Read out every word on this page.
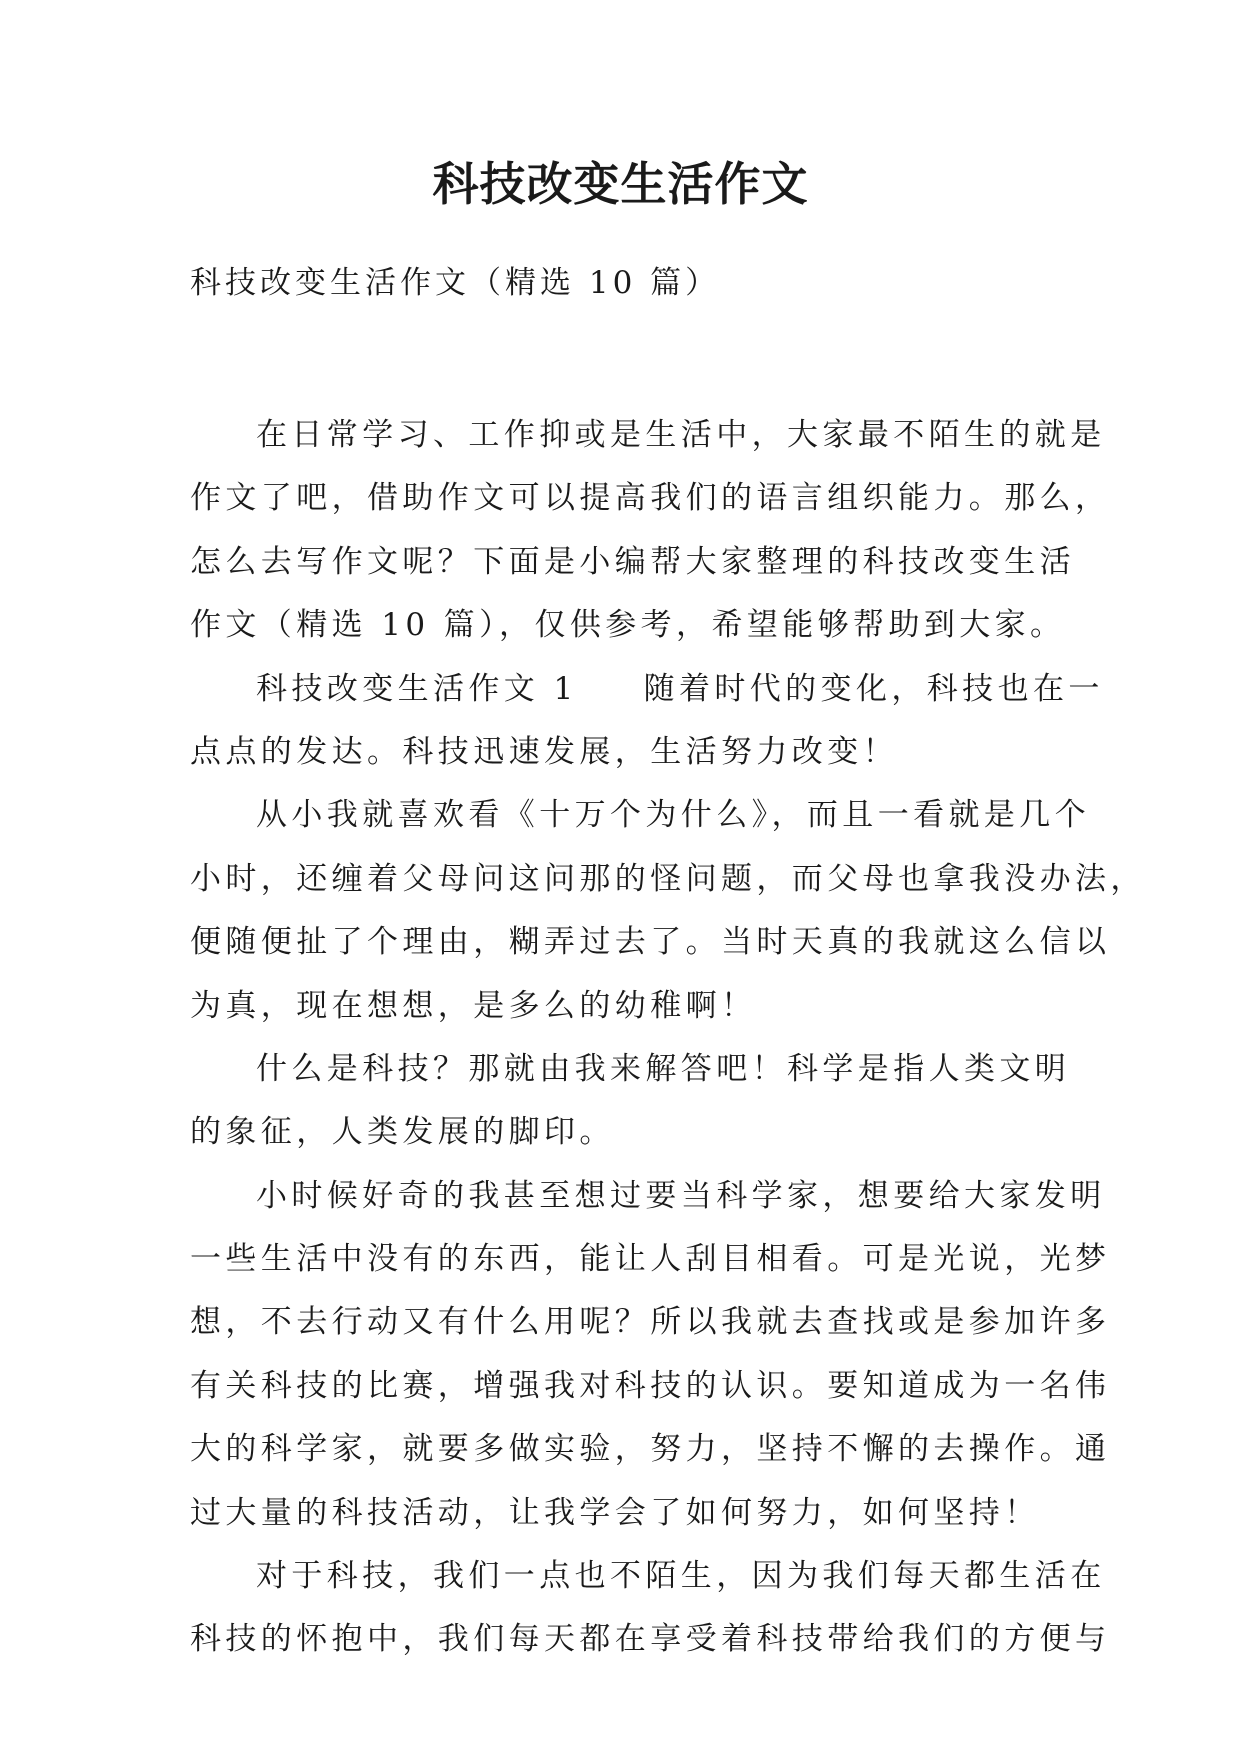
科技改变生活作文

科技改变生活作文（精选 10 篇）

在日常学习、工作抑或是生活中，大家最不陌生的就是

作文了吧，借助作文可以提高我们的语言组织能力。那么，

怎么去写作文呢？下面是小编帮大家整理的科技改变生活

作文（精选 10 篇），仅供参考，希望能够帮助到大家。

科技改变生活作文 1 随着时代的变化，科技也在一

点点的发达。科技迅速发展，生活努力改变！

从小我就喜欢看《十万个为什么》，而且一看就是几个

小时，还缠着父母问这问那的怪问题，而父母也拿我没办法，

便随便扯了个理由，糊弄过去了。当时天真的我就这么信以

为真，现在想想，是多么的幼稚啊！

什么是科技？那就由我来解答吧！科学是指人类文明

的象征，人类发展的脚印。

小时候好奇的我甚至想过要当科学家，想要给大家发明

一些生活中没有的东西，能让人刮目相看。可是光说，光梦

想，不去行动又有什么用呢？所以我就去查找或是参加许多

有关科技的比赛，增强我对科技的认识。要知道成为一名伟

大的科学家，就要多做实验，努力，坚持不懈的去操作。通

过大量的科技活动，让我学会了如何努力，如何坚持！

对于科技，我们一点也不陌生，因为我们每天都生活在

科技的怀抱中，我们每天都在享受着科技带给我们的方便与
